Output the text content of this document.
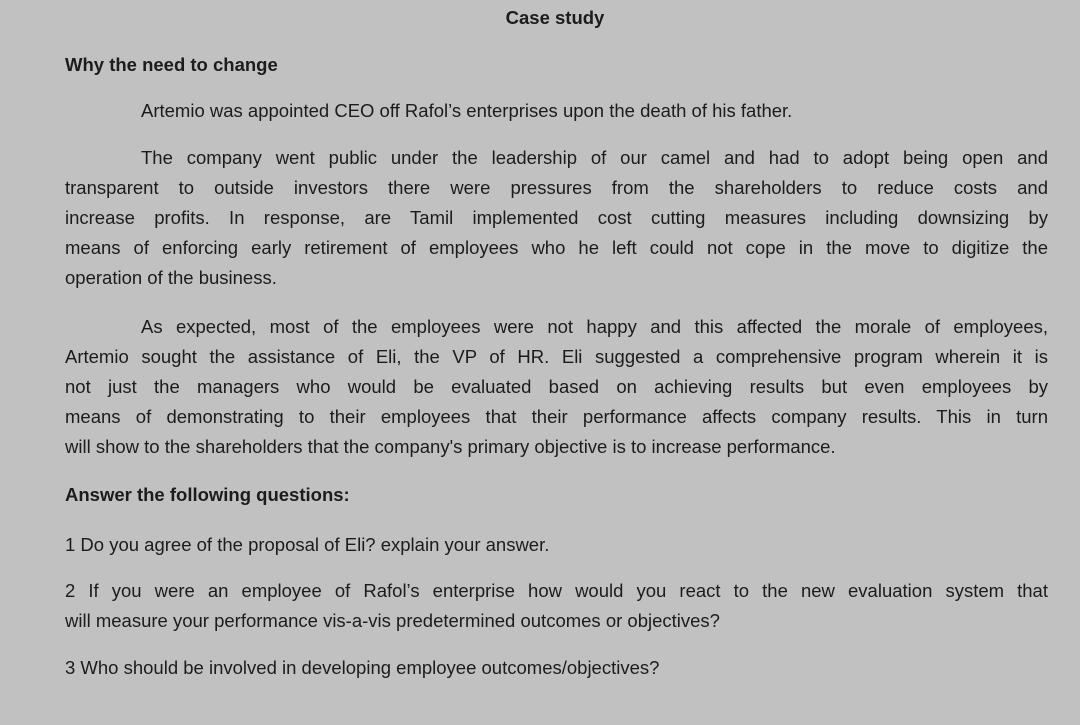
Case study
Why the need to change
Artemio was appointed CEO off Rafol’s enterprises upon the death of his father.
The company went public under the leadership of our camel and had to adopt being open and
transparent to outside investors there were pressures from the shareholders to reduce costs and
increase profits. In response, are Tamil implemented cost cutting measures including downsizing by
means of enforcing early retirement of employees who he left could not cope in the move to digitize the
operation of the business.
As expected, most of the employees were not happy and this affected the morale of employees,
Artemio sought the assistance of Eli, the VP of HR. Eli suggested a comprehensive program wherein it is
not just the managers who would be evaluated based on achieving results but even employees by
means of demonstrating to their employees that their performance affects company results. This in turn
will show to the shareholders that the company's primary objective is to increase performance.
Answer the following questions:
1 Do you agree of the proposal of Eli? explain your answer.
2 If you were an employee of Rafol’s enterprise how would you react to the new evaluation system that
will measure your performance vis-a-vis predetermined outcomes or objectives?
3 Who should be involved in developing employee outcomes/objectives?
